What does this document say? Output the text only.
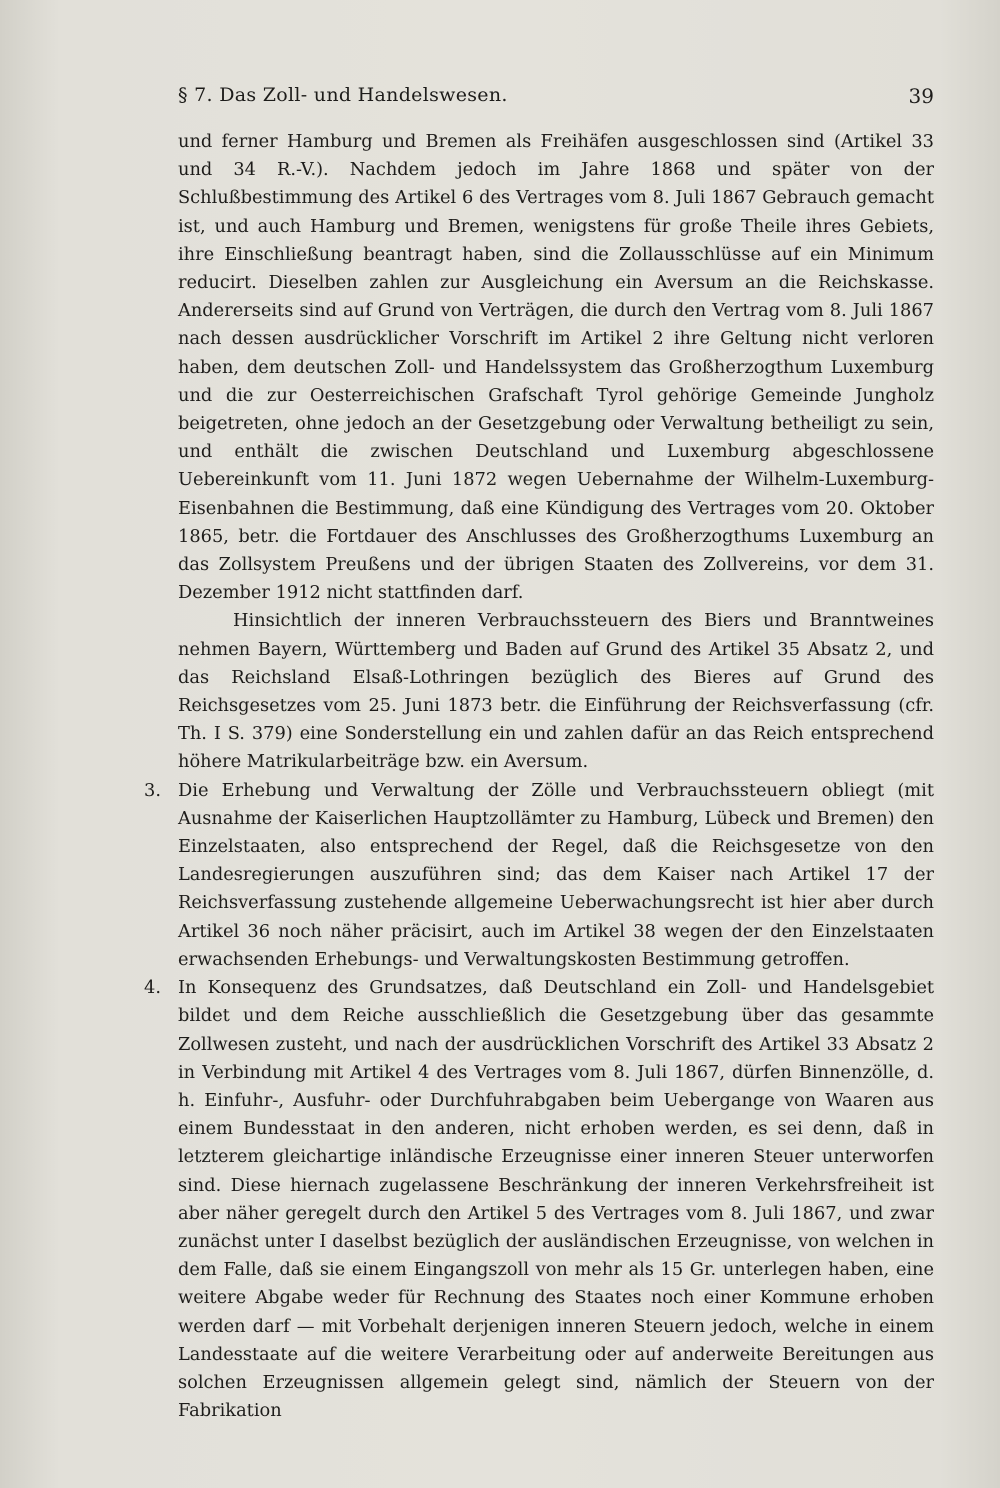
§ 7. Das Zoll- und Handelswesen.	39

und ferner Hamburg und Bremen als Freihäfen ausgeschlossen sind (Artikel 33 und 34 R.-V.). Nachdem jedoch im Jahre 1868 und später von der Schlußbestimmung des Artikel 6 des Vertrages vom 8. Juli 1867 Gebrauch gemacht ist, und auch Hamburg und Bremen, wenigstens für große Theile ihres Gebiets, ihre Einschließung beantragt haben, sind die Zollausschlüsse auf ein Minimum reducirt. Dieselben zahlen zur Ausgleichung ein Aversum an die Reichskasse. Andererseits sind auf Grund von Verträgen, die durch den Vertrag vom 8. Juli 1867 nach dessen ausdrücklicher Vorschrift im Artikel 2 ihre Geltung nicht verloren haben, dem deutschen Zoll- und Handelssystem das Großherzogthum Luxemburg und die zur Oesterreichischen Grafschaft Tyrol gehörige Gemeinde Jungholz beigetreten, ohne jedoch an der Gesetzgebung oder Verwaltung betheiligt zu sein, und enthält die zwischen Deutschland und Luxemburg abgeschlossene Uebereinkunft vom 11. Juni 1872 wegen Uebernahme der Wilhelm-Luxemburg-Eisenbahnen die Bestimmung, daß eine Kündigung des Vertrages vom 20. Oktober 1865, betr. die Fortdauer des Anschlusses des Großherzogthums Luxemburg an das Zollsystem Preußens und der übrigen Staaten des Zollvereins, vor dem 31. Dezember 1912 nicht stattfinden darf.

Hinsichtlich der inneren Verbrauchssteuern des Biers und Branntweines nehmen Bayern, Württemberg und Baden auf Grund des Artikel 35 Absatz 2, und das Reichsland Elsaß-Lothringen bezüglich des Bieres auf Grund des Reichsgesetzes vom 25. Juni 1873 betr. die Einführung der Reichsverfassung (cfr. Th. I S. 379) eine Sonderstellung ein und zahlen dafür an das Reich entsprechend höhere Matrikularbeiträge bzw. ein Aversum.

3. Die Erhebung und Verwaltung der Zölle und Verbrauchssteuern obliegt (mit Ausnahme der Kaiserlichen Hauptzollämter zu Hamburg, Lübeck und Bremen) den Einzelstaaten, also entsprechend der Regel, daß die Reichsgesetze von den Landesregierungen auszuführen sind; das dem Kaiser nach Artikel 17 der Reichsverfassung zustehende allgemeine Ueberwachungsrecht ist hier aber durch Artikel 36 noch näher präcisirt, auch im Artikel 38 wegen der den Einzelstaaten erwachsenden Erhebungs- und Verwaltungskosten Bestimmung getroffen.

4. In Konsequenz des Grundsatzes, daß Deutschland ein Zoll- und Handelsgebiet bildet und dem Reiche ausschließlich die Gesetzgebung über das gesammte Zollwesen zusteht, und nach der ausdrücklichen Vorschrift des Artikel 33 Absatz 2 in Verbindung mit Artikel 4 des Vertrages vom 8. Juli 1867, dürfen Binnenzölle, d. h. Einfuhr-, Ausfuhr- oder Durchfuhrabgaben beim Uebergange von Waaren aus einem Bundesstaat in den anderen, nicht erhoben werden, es sei denn, daß in letzterem gleichartige inländische Erzeugnisse einer inneren Steuer unterworfen sind. Diese hiernach zugelassene Beschränkung der inneren Verkehrsfreiheit ist aber näher geregelt durch den Artikel 5 des Vertrages vom 8. Juli 1867, und zwar zunächst unter I daselbst bezüglich der ausländischen Erzeugnisse, von welchen in dem Falle, daß sie einem Eingangszoll von mehr als 15 Gr. unterlegen haben, eine weitere Abgabe weder für Rechnung des Staates noch einer Kommune erhoben werden darf — mit Vorbehalt derjenigen inneren Steuern jedoch, welche in einem Landesstaate auf die weitere Verarbeitung oder auf anderweite Bereitungen aus solchen Erzeugnissen allgemein gelegt sind, nämlich der Steuern von der Fabrikation
